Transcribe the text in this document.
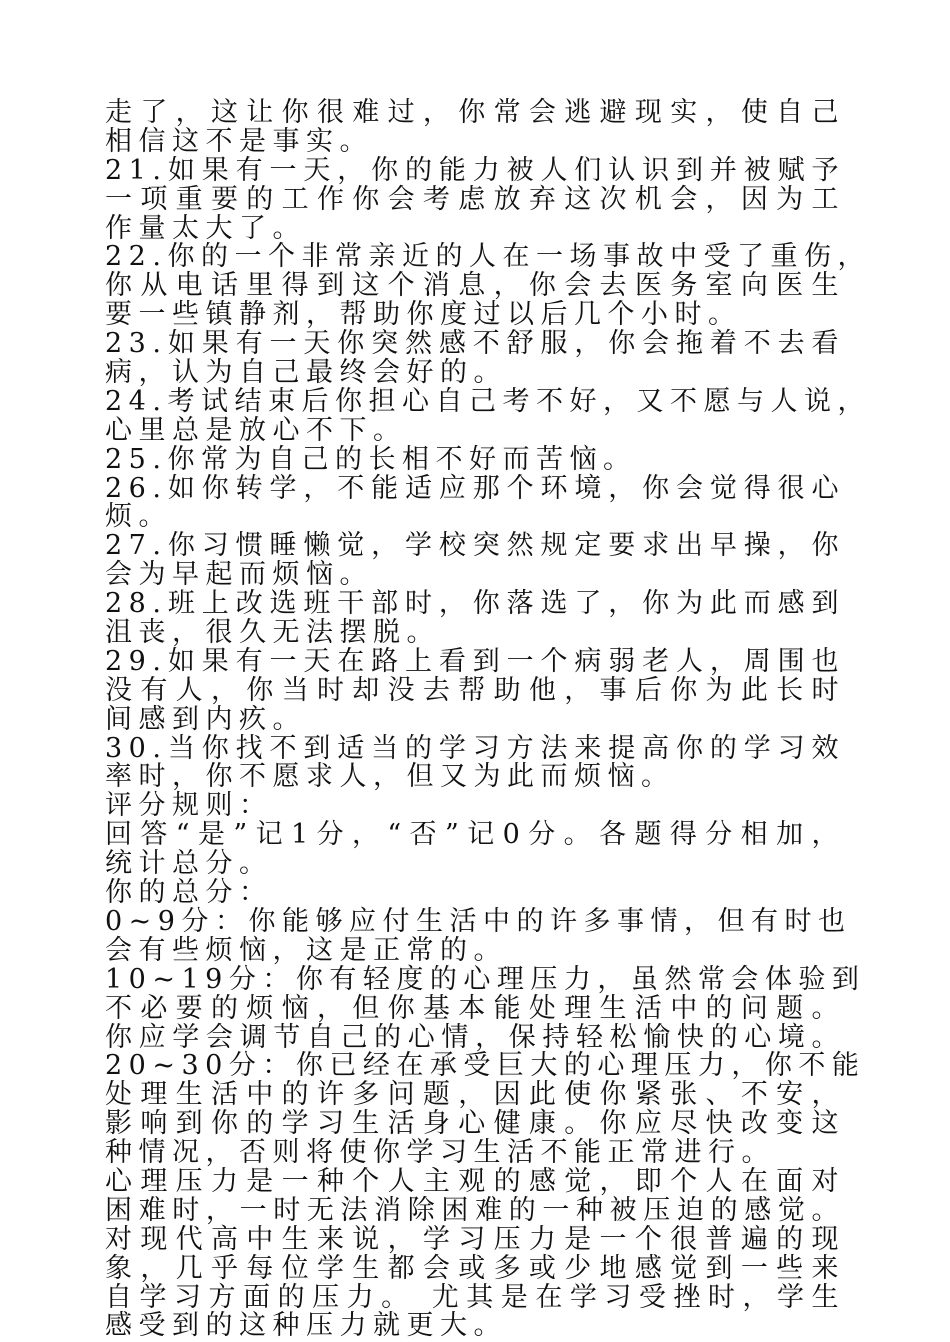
走了，这让你很难过，你常会逃避现实，使自己
相信这不是事实。
21.如果有一天，你的能力被人们认识到并被赋予
一项重要的工作你会考虑放弃这次机会，因为工
作量太大了。
22.你的一个非常亲近的人在一场事故中受了重伤，
你从电话里得到这个消息，你会去医务室向医生
要一些镇静剂，帮助你度过以后几个小时。
23.如果有一天你突然感不舒服，你会拖着不去看
病，认为自己最终会好的。
24.考试结束后你担心自己考不好，又不愿与人说，
心里总是放心不下。
25.你常为自己的长相不好而苦恼。
26.如你转学，不能适应那个环境，你会觉得很心
烦。
27.你习惯睡懒觉，学校突然规定要求出早操，你
会为早起而烦恼。
28.班上改选班干部时，你落选了，你为此而感到
沮丧，很久无法摆脱。
29.如果有一天在路上看到一个病弱老人，周围也
没有人，你当时却没去帮助他，事后你为此长时
间感到内疚。
30.当你找不到适当的学习方法来提高你的学习效
率时，你不愿求人，但又为此而烦恼。
评分规则：
回答“是”记1分，“否”记0分。各题得分相加，
统计总分。
你的总分：
0~9分：你能够应付生活中的许多事情，但有时也
会有些烦恼，这是正常的。
10~19分：你有轻度的心理压力，虽然常会体验到
不必要的烦恼，但你基本能处理生活中的问题。
你应学会调节自己的心情，保持轻松愉快的心境。
20~30分：你已经在承受巨大的心理压力，你不能
处理生活中的许多问题，因此使你紧张、不安，
影响到你的学习生活身心健康。你应尽快改变这
种情况，否则将使你学习生活不能正常进行。
心理压力是一种个人主观的感觉，即个人在面对
困难时，一时无法消除困难的一种被压迫的感觉。
对现代高中生来说，学习压力是一个很普遍的现
象，几乎每位学生都会或多或少地感觉到一些来
自学习方面的压力。 尤其是在学习受挫时，学生
感受到的这种压力就更大。
